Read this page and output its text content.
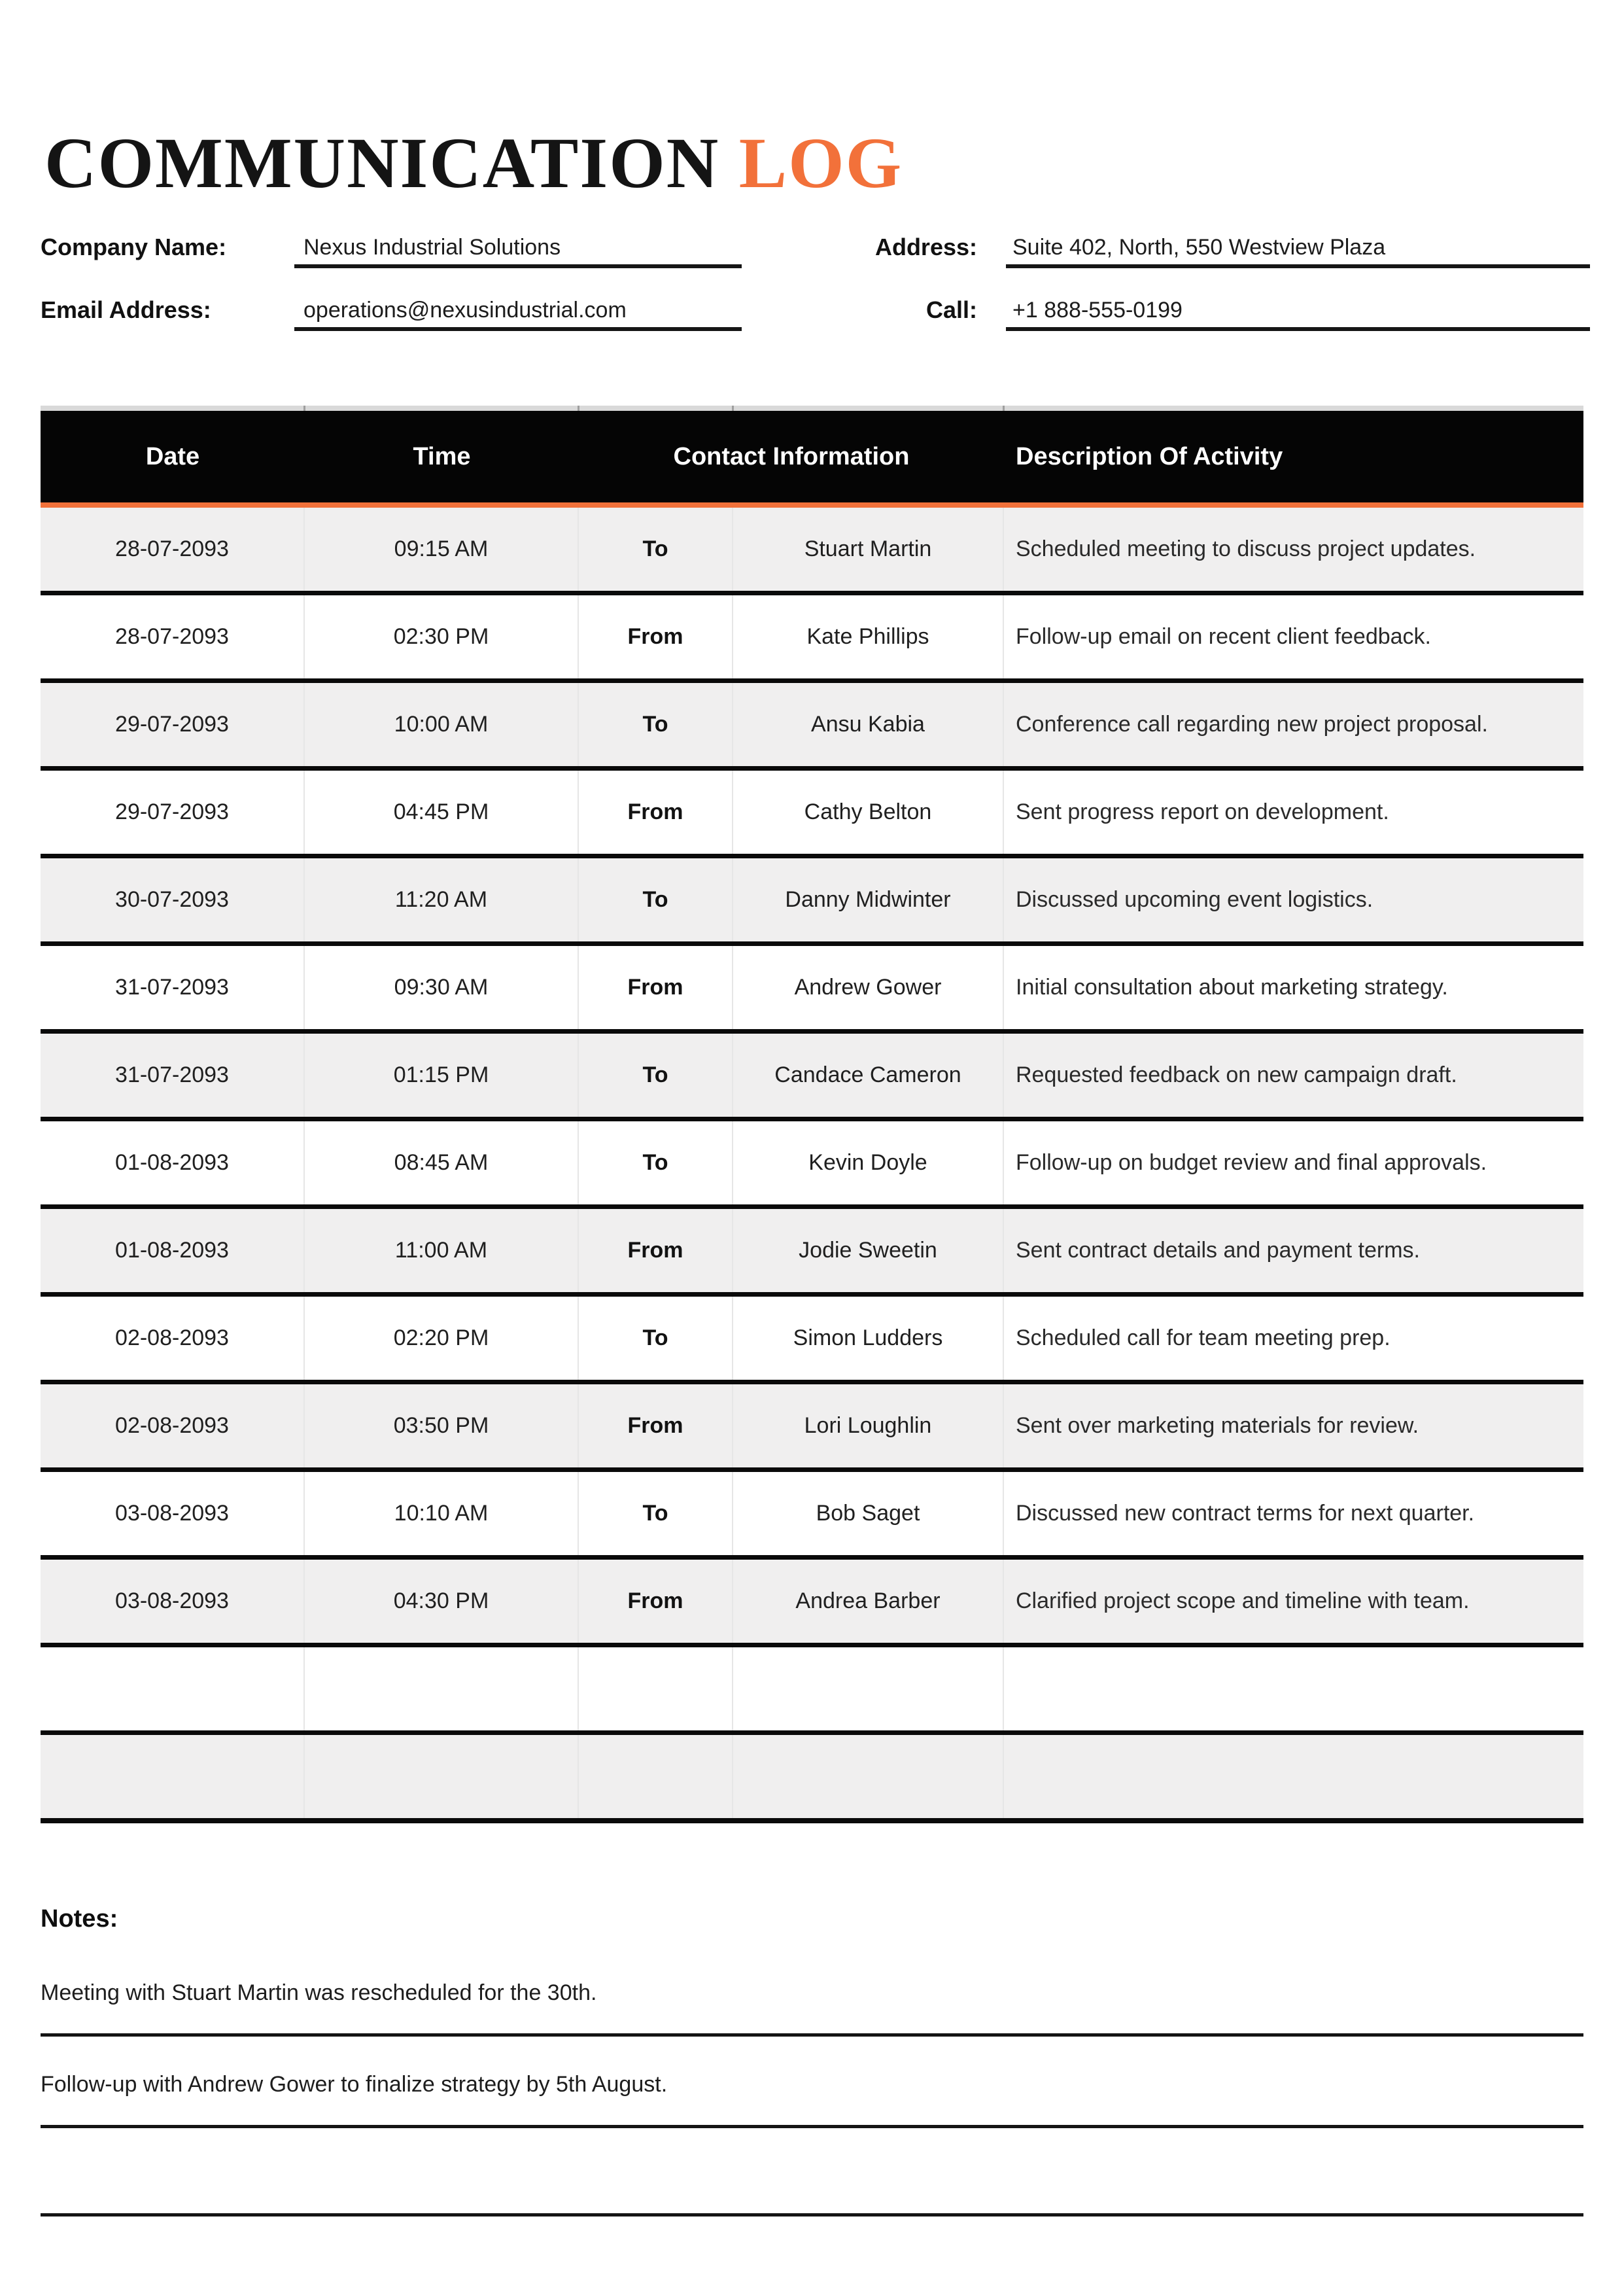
COMMUNICATION LOG
Company Name:	Nexus Industrial Solutions	Address: Suite 402, North, 550 Westview Plaza
Email Address:	operations@nexusindustrial.com	Call: +1 888-555-0199
Date	Time	Contact Information	Description Of Activity
28-07-2093	09:15 AM	To	Stuart Martin	Scheduled meeting to discuss project updates.
28-07-2093	02:30 PM	From	Kate Phillips	Follow-up email on recent client feedback.
29-07-2093	10:00 AM	To	Ansu Kabia	Conference call regarding new project proposal.
29-07-2093	04:45 PM	From	Cathy Belton	Sent progress report on development.
30-07-2093	11:20 AM	To	Danny Midwinter	Discussed upcoming event logistics.
31-07-2093	09:30 AM	From	Andrew Gower	Initial consultation about marketing strategy.
31-07-2093	01:15 PM	To	Candace Cameron	Requested feedback on new campaign draft.
01-08-2093	08:45 AM	To	Kevin Doyle	Follow-up on budget review and final approvals.
01-08-2093	11:00 AM	From	Jodie Sweetin	Sent contract details and payment terms.
02-08-2093	02:20 PM	To	Simon Ludders	Scheduled call for team meeting prep.
02-08-2093	03:50 PM	From	Lori Loughlin	Sent over marketing materials for review.
03-08-2093	10:10 AM	To	Bob Saget	Discussed new contract terms for next quarter.
03-08-2093	04:30 PM	From	Andrea Barber	Clarified project scope and timeline with team.
Notes:
Meeting with Stuart Martin was rescheduled for the 30th.
Follow-up with Andrew Gower to finalize strategy by 5th August.
